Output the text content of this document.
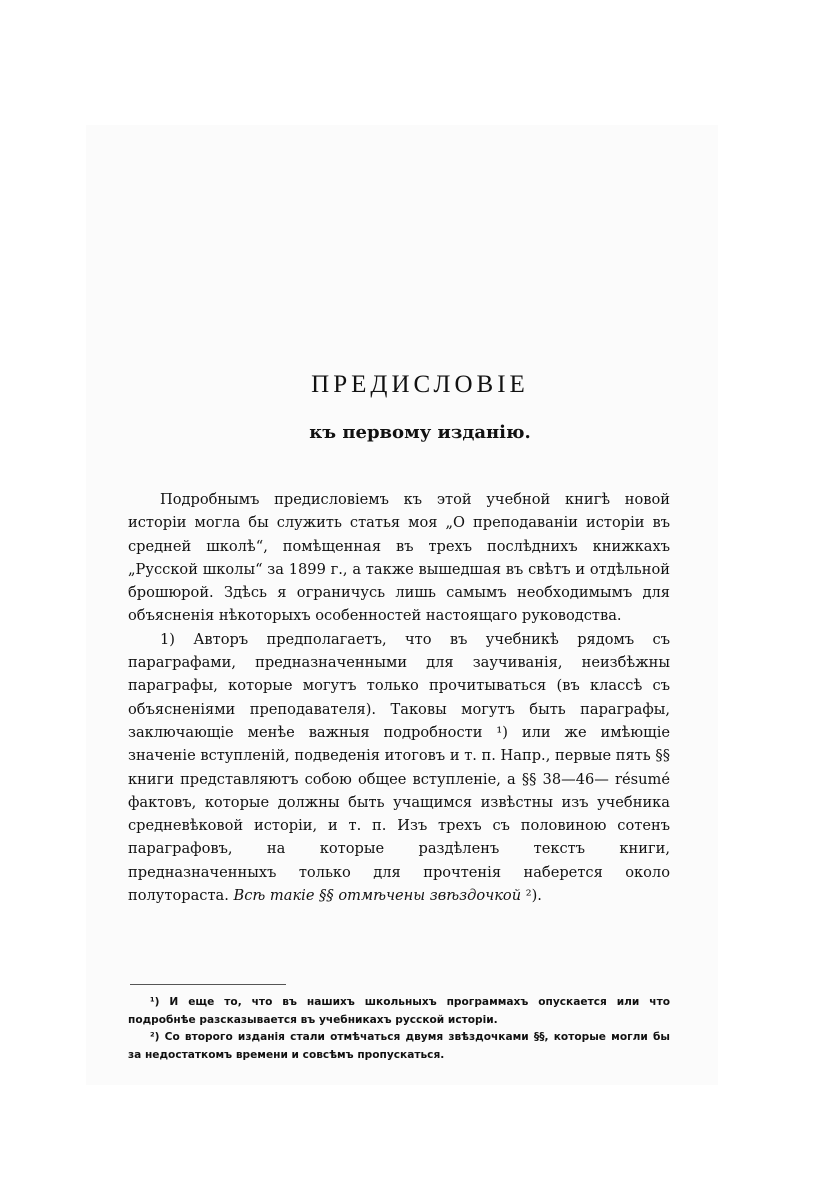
ПРЕДИСЛОВІЕ
къ первому изданію.

Подробнымъ предисловіемъ къ этой учебной книгѣ новой исторіи могла бы служить статья моя „О преподаваніи исторіи въ средней школѣ“, помѣщенная въ трехъ послѣднихъ книжкахъ „Русской школы“ за 1899 г., а также вышедшая въ свѣтъ и отдѣльной брошюрой. Здѣсь я ограничусь лишь самымъ необходимымъ для объясненія нѣкоторыхъ особенностей настоящаго руководства.

1) Авторъ предполагаетъ, что въ учебникѣ рядомъ съ параграфами, предназначенными для заучиванія, неизбѣжны параграфы, которые могутъ только прочитываться (въ классѣ съ объясненіями преподавателя). Таковы могутъ быть параграфы, заключающіе менѣе важныя подробности ¹) или же имѣющіе значеніе вступленій, подведенія итоговъ и т. п. Напр., первые пять §§ книги представляютъ собою общее вступленіе, а §§ 38—46— résumé фактовъ, которые должны быть учащимся извѣстны изъ учебника средневѣковой исторіи, и т. п. Изъ трехъ съ половиною сотенъ параграфовъ, на которые раздѣленъ текстъ книги, предназначенныхъ только для прочтенія наберется около полутораста. Всѣ такіе §§ отмѣчены звѣздочкой ²).

¹) И еще то, что въ нашихъ школьныхъ программахъ опускается или что подробнѣе разсказывается въ учебникахъ русской исторіи.

²) Со второго изданія стали отмѣчаться двумя звѣздочками §§, которые могли бы за недостаткомъ времени и совсѣмъ пропускаться.
